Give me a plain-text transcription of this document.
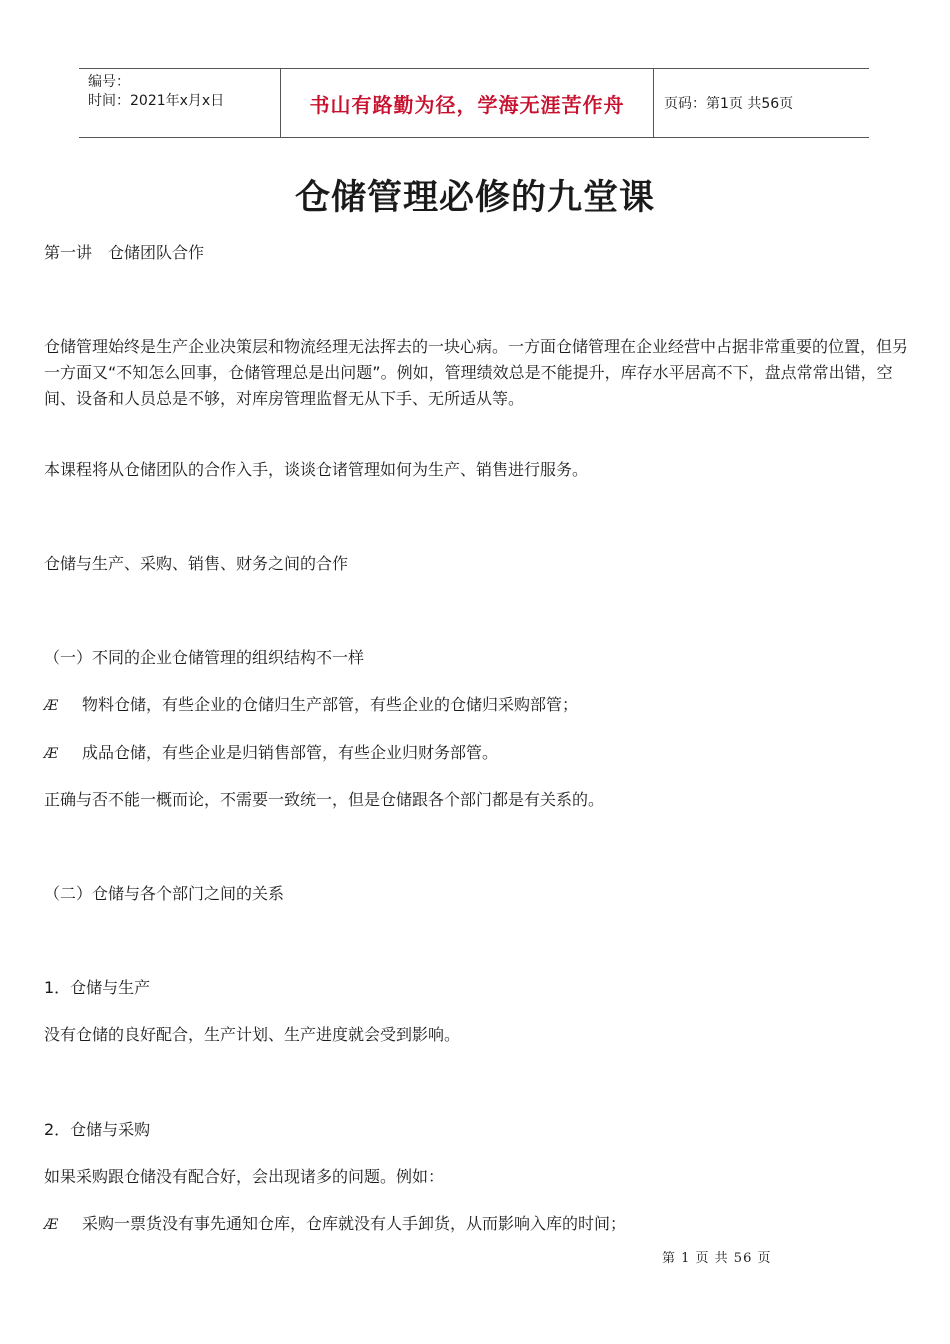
编号：
时间：2021年x月x日	书山有路勤为径，学海无涯苦作舟	页码：第1页 共56页
仓储管理必修的九堂课
第一讲　仓储团队合作
仓储管理始终是生产企业决策层和物流经理无法挥去的一块心病。一方面仓储管理在企业经营中占据非常重要的位置，但另一方面又“不知怎么回事，仓储管理总是出问题”。例如，管理绩效总是不能提升，库存水平居高不下，盘点常常出错，空间、设备和人员总是不够，对库房管理监督无从下手、无所适从等。
本课程将从仓储团队的合作入手，谈谈仓诸管理如何为生产、销售进行服务。
仓储与生产、采购、销售、财务之间的合作
（一）不同的企业仓储管理的组织结构不一样
Æ 物料仓储，有些企业的仓储归生产部管，有些企业的仓储归采购部管；
Æ 成品仓储，有些企业是归销售部管，有些企业归财务部管。
正确与否不能一概而论，不需要一致统一，但是仓储跟各个部门都是有关系的。
（二）仓储与各个部门之间的关系
1．仓储与生产
没有仓储的良好配合，生产计划、生产进度就会受到影响。
2．仓储与采购
如果采购跟仓储没有配合好，会出现诸多的问题。例如：
Æ 采购一票货没有事先通知仓库，仓库就没有人手卸货，从而影响入库的时间；
第 1 页 共 56 页
